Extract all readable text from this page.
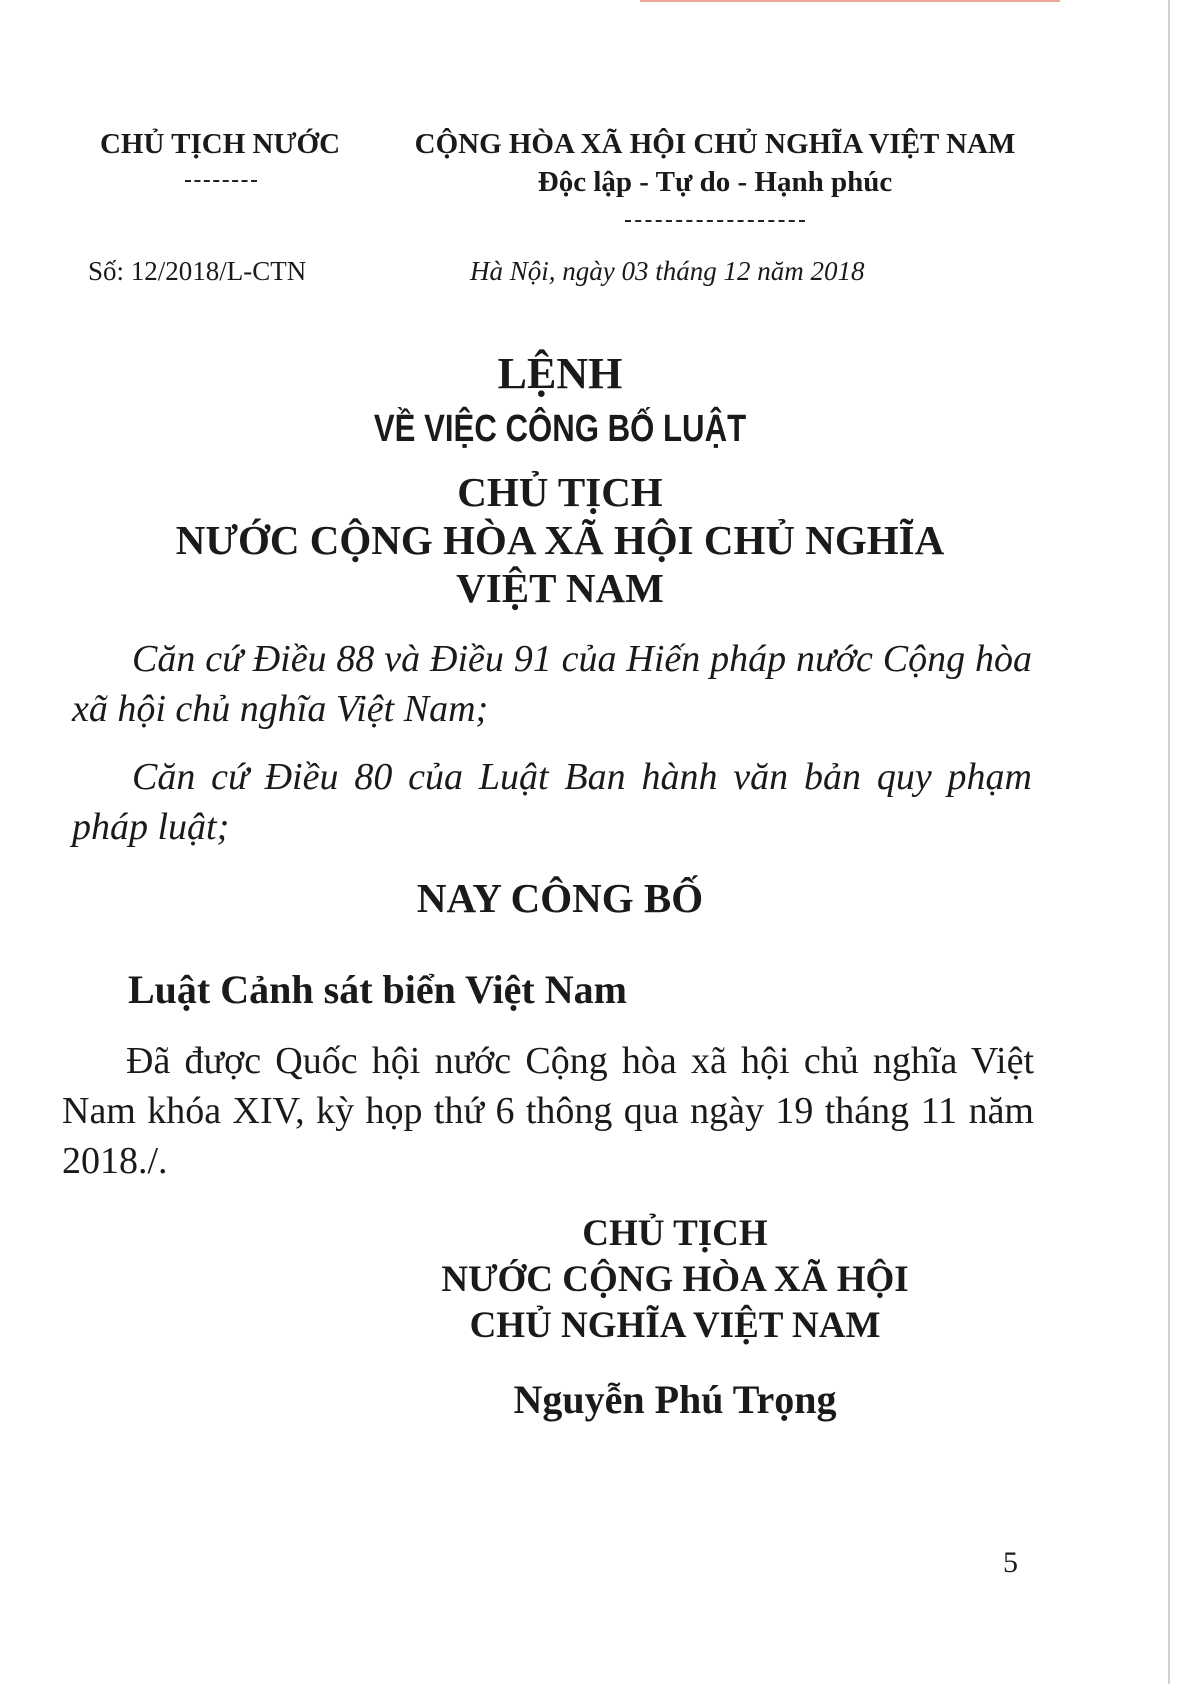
CHỦ TỊCH NƯỚC	CỘNG HÒA XÃ HỘI CHỦ NGHĨA VIỆT NAM
Độc lập - Tự do - Hạnh phúc
Số: 12/2018/L-CTN	Hà Nội, ngày 03 tháng 12 năm 2018
LỆNH
VỀ VIỆC CÔNG BỐ LUẬT
CHỦ TỊCH
NƯỚC CỘNG HÒA XÃ HỘI CHỦ NGHĨA
VIỆT NAM
Căn cứ Điều 88 và Điều 91 của Hiến pháp nước Cộng hòa xã hội chủ nghĩa Việt Nam;
Căn cứ Điều 80 của Luật Ban hành văn bản quy phạm pháp luật;
NAY CÔNG BỐ
Luật Cảnh sát biển Việt Nam
Đã được Quốc hội nước Cộng hòa xã hội chủ nghĩa Việt Nam khóa XIV, kỳ họp thứ 6 thông qua ngày 19 tháng 11 năm 2018./.
CHỦ TỊCH
NƯỚC CỘNG HÒA XÃ HỘI
CHỦ NGHĨA VIỆT NAM
Nguyễn Phú Trọng
5
